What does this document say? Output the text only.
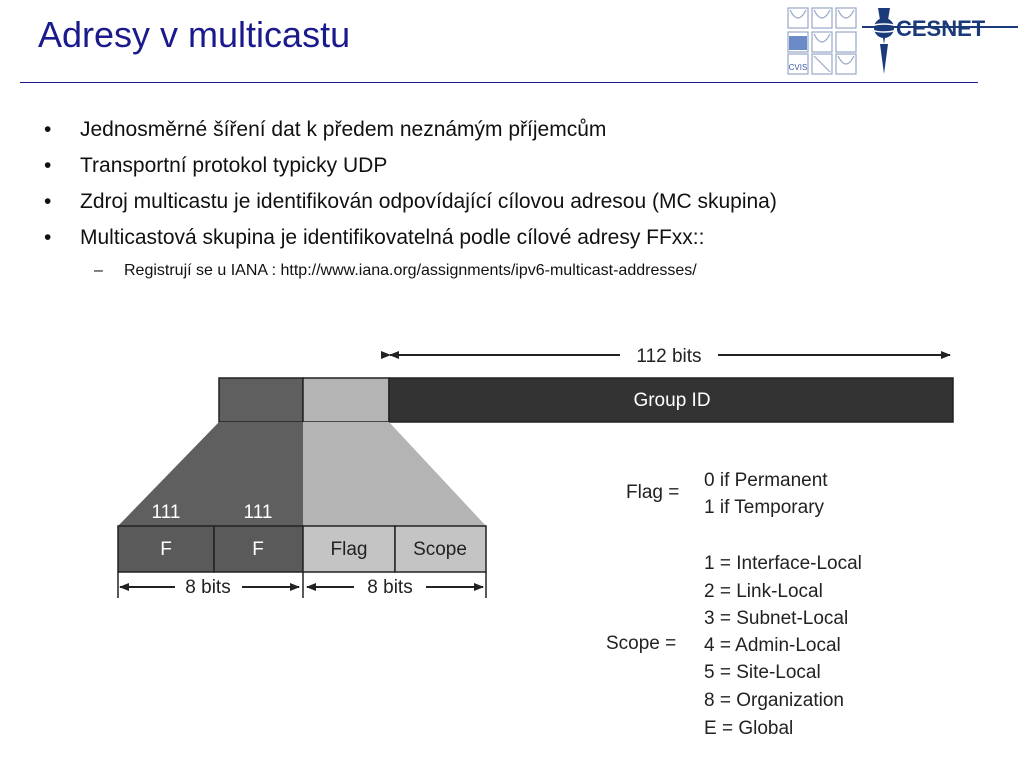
Adresy v multicastu
CVIS
CESNET
• Jednosměrné šíření dat k předem neznámým příjemcům
• Transportní protokol typicky UDP
• Zdroj multicastu je identifikován odpovídající cílovou adresou (MC skupina)
• Multicastová skupina je identifikovatelná podle cílové adresy FFxx::
– Registrují se u IANA : http://www.iana.org/assignments/ipv6-multicast-addresses/
112 bits
Group ID
111	111
F	F	Flag Scope
8 bits	8 bits
Flag =
0 if Permanent
1 if Temporary
Scope =
1 = Interface-Local
2 = Link-Local
3 = Subnet-Local
4 = Admin-Local
5 = Site-Local
8 = Organization
E = Global
